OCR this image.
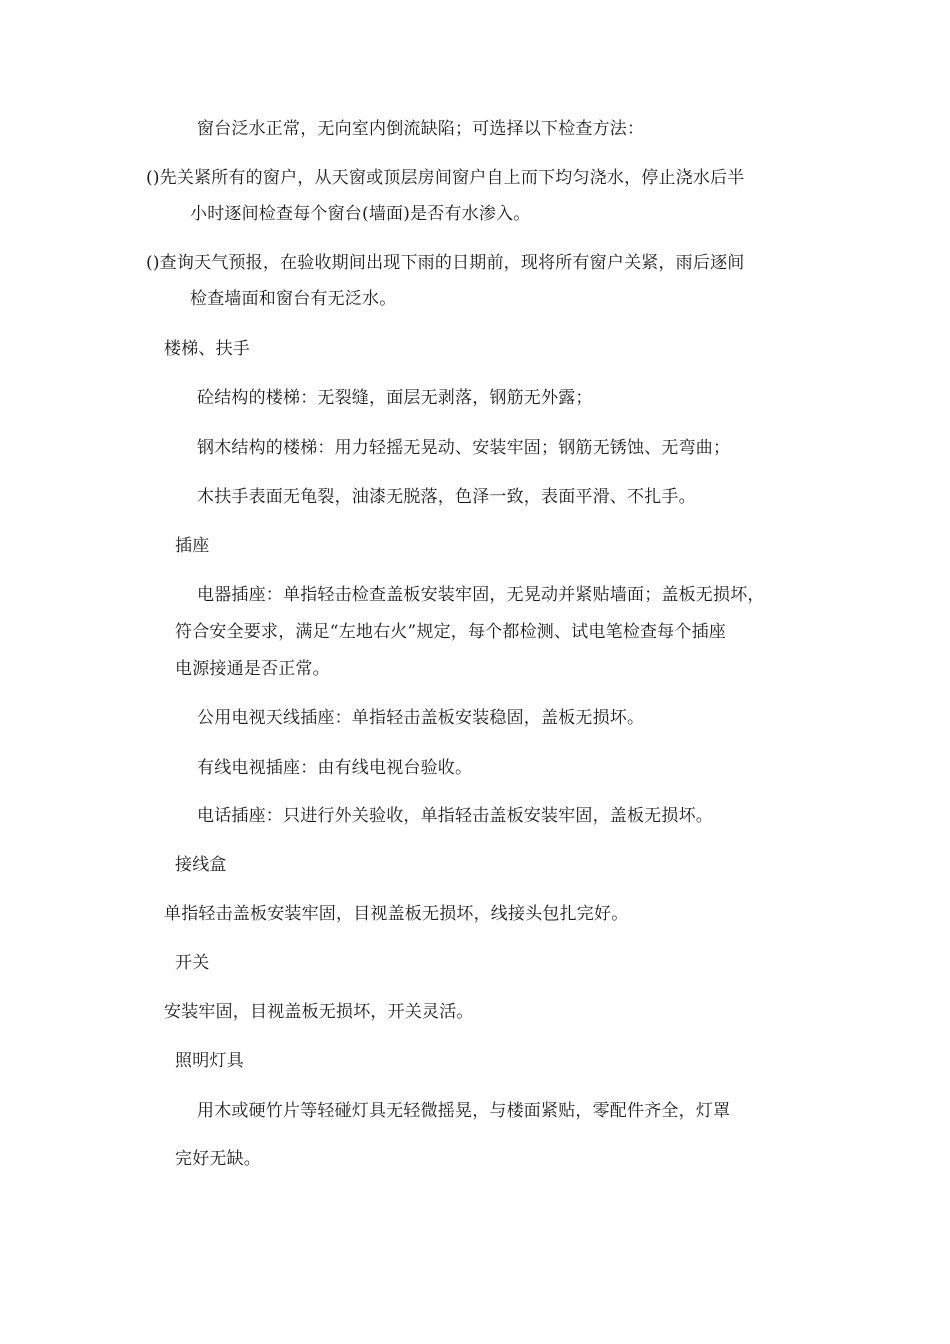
窗台泛水正常，无向室内倒流缺陷；可选择以下检查方法：
()先关紧所有的窗户，从天窗或顶层房间窗户自上而下均匀浇水，停止浇水后半
小时逐间检查每个窗台(墙面)是否有水渗入。
()查询天气预报，在验收期间出现下雨的日期前，现将所有窗户关紧，雨后逐间
检查墙面和窗台有无泛水。
楼梯、扶手
砼结构的楼梯：无裂缝，面层无剥落，钢筋无外露；
钢木结构的楼梯：用力轻摇无晃动、安装牢固；钢筋无锈蚀、无弯曲；
木扶手表面无龟裂，油漆无脱落，色泽一致，表面平滑、不扎手。
插座
电器插座：单指轻击检查盖板安装牢固，无晃动并紧贴墙面；盖板无损坏，
符合安全要求，满足“左地右火”规定，每个都检测、试电笔检查每个插座
电源接通是否正常。
公用电视天线插座：单指轻击盖板安装稳固，盖板无损坏。
有线电视插座：由有线电视台验收。
电话插座：只进行外关验收，单指轻击盖板安装牢固，盖板无损坏。
接线盒
单指轻击盖板安装牢固，目视盖板无损坏，线接头包扎完好。
开关
安装牢固，目视盖板无损坏，开关灵活。
照明灯具
用木或硬竹片等轻碰灯具无轻微摇晃，与楼面紧贴，零配件齐全，灯罩
完好无缺。
